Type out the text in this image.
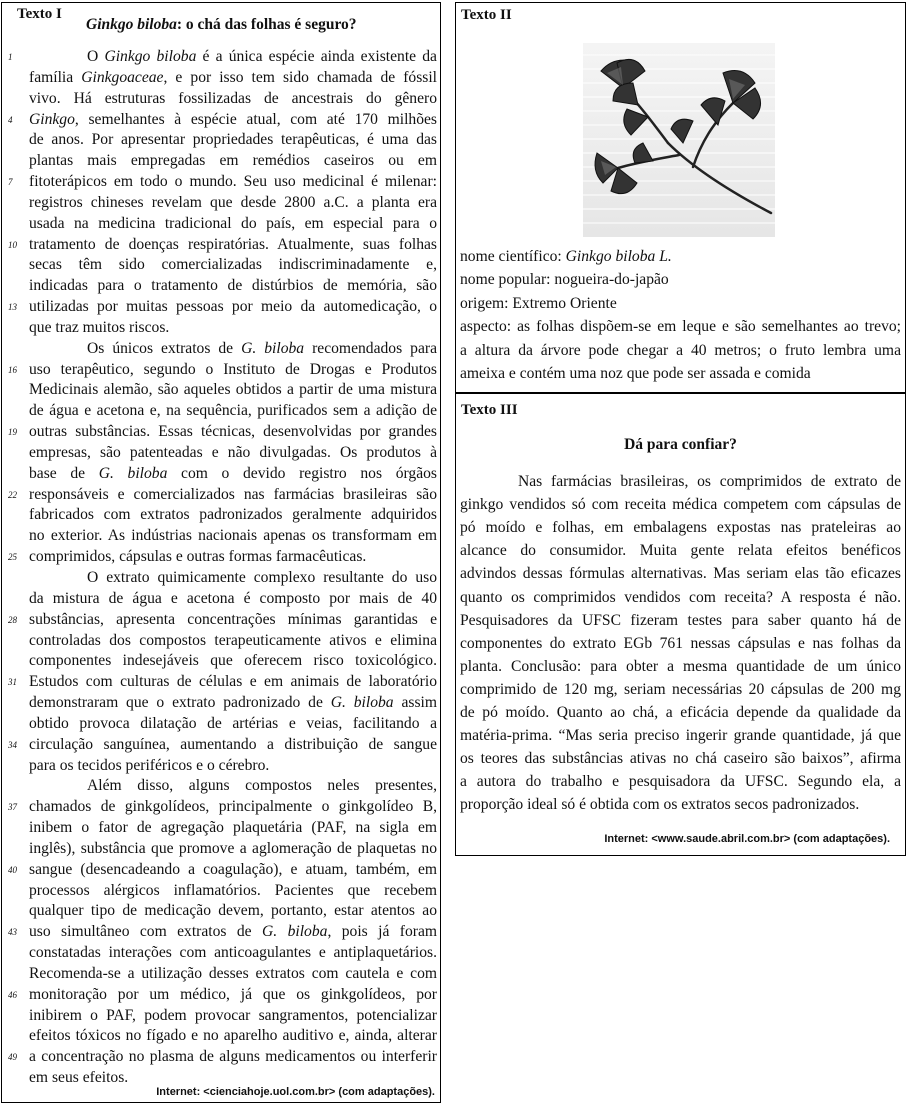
Texto I
Ginkgo biloba: o chá das folhas é seguro?
O Ginkgo biloba é a única espécie ainda existente da
família Ginkgoaceae, e por isso tem sido chamada de fóssil
vivo. Há estruturas fossilizadas de ancestrais do gênero
Ginkgo, semelhantes à espécie atual, com até 170 milhões
de anos. Por apresentar propriedades terapêuticas, é uma das
plantas mais empregadas em remédios caseiros ou em
fitoterápicos em todo o mundo. Seu uso medicinal é milenar:
registros chineses revelam que desde 2800 a.C. a planta era
usada na medicina tradicional do país, em especial para o
tratamento de doenças respiratórias. Atualmente, suas folhas
secas têm sido comercializadas indiscriminadamente e,
indicadas para o tratamento de distúrbios de memória, são
utilizadas por muitas pessoas por meio da automedicação, o
que traz muitos riscos.
Os únicos extratos de G. biloba recomendados para
uso terapêutico, segundo o Instituto de Drogas e Produtos
Medicinais alemão, são aqueles obtidos a partir de uma mistura
de água e acetona e, na sequência, purificados sem a adição de
outras substâncias. Essas técnicas, desenvolvidas por grandes
empresas, são patenteadas e não divulgadas. Os produtos à
base de G. biloba com o devido registro nos órgãos
responsáveis e comercializados nas farmácias brasileiras são
fabricados com extratos padronizados geralmente adquiridos
no exterior. As indústrias nacionais apenas os transformam em
comprimidos, cápsulas e outras formas farmacêuticas.
O extrato quimicamente complexo resultante do uso
da mistura de água e acetona é composto por mais de 40
substâncias, apresenta concentrações mínimas garantidas e
controladas dos compostos terapeuticamente ativos e elimina
componentes indesejáveis que oferecem risco toxicológico.
Estudos com culturas de células e em animais de laboratório
demonstraram que o extrato padronizado de G. biloba assim
obtido provoca dilatação de artérias e veias, facilitando a
circulação sanguínea, aumentando a distribuição de sangue
para os tecidos periféricos e o cérebro.
Além disso, alguns compostos neles presentes,
chamados de ginkgolídeos, principalmente o ginkgolídeo B,
inibem o fator de agregação plaquetária (PAF, na sigla em
inglês), substância que promove a aglomeração de plaquetas no
sangue (desencadeando a coagulação), e atuam, também, em
processos alérgicos inflamatórios. Pacientes que recebem
qualquer tipo de medicação devem, portanto, estar atentos ao
uso simultâneo com extratos de G. biloba, pois já foram
constatadas interações com anticoagulantes e antiplaquetários.
Recomenda-se a utilização desses extratos com cautela e com
monitoração por um médico, já que os ginkgolídeos, por
inibirem o PAF, podem provocar sangramentos, potencializar
efeitos tóxicos no fígado e no aparelho auditivo e, ainda, alterar
a concentração no plasma de alguns medicamentos ou interferir
em seus efeitos.
1
4
7
10
13
16
19
22
25
28
31
34
37
40
43
46
49
Internet: <cienciahoje.uol.com.br> (com adaptações).
Texto II
nome científico: Ginkgo biloba L.
nome popular: nogueira-do-japão
origem: Extremo Oriente
aspecto: as folhas dispõem-se em leque e são semelhantes ao trevo;
a altura da árvore pode chegar a 40 metros; o fruto lembra uma
ameixa e contém uma noz que pode ser assada e comida
Texto III
Dá para confiar?
Nas farmácias brasileiras, os comprimidos de extrato de
ginkgo vendidos só com receita médica competem com cápsulas de
pó moído e folhas, em embalagens expostas nas prateleiras ao
alcance do consumidor. Muita gente relata efeitos benéficos
advindos dessas fórmulas alternativas. Mas seriam elas tão eficazes
quanto os comprimidos vendidos com receita? A resposta é não.
Pesquisadores da UFSC fizeram testes para saber quanto há de
componentes do extrato EGb 761 nessas cápsulas e nas folhas da
planta. Conclusão: para obter a mesma quantidade de um único
comprimido de 120 mg, seriam necessárias 20 cápsulas de 200 mg
de pó moído. Quanto ao chá, a eficácia depende da qualidade da
matéria-prima. “Mas seria preciso ingerir grande quantidade, já que
os teores das substâncias ativas no chá caseiro são baixos”, afirma
a autora do trabalho e pesquisadora da UFSC. Segundo ela, a
proporção ideal só é obtida com os extratos secos padronizados.
Internet: <www.saude.abril.com.br> (com adaptações).
